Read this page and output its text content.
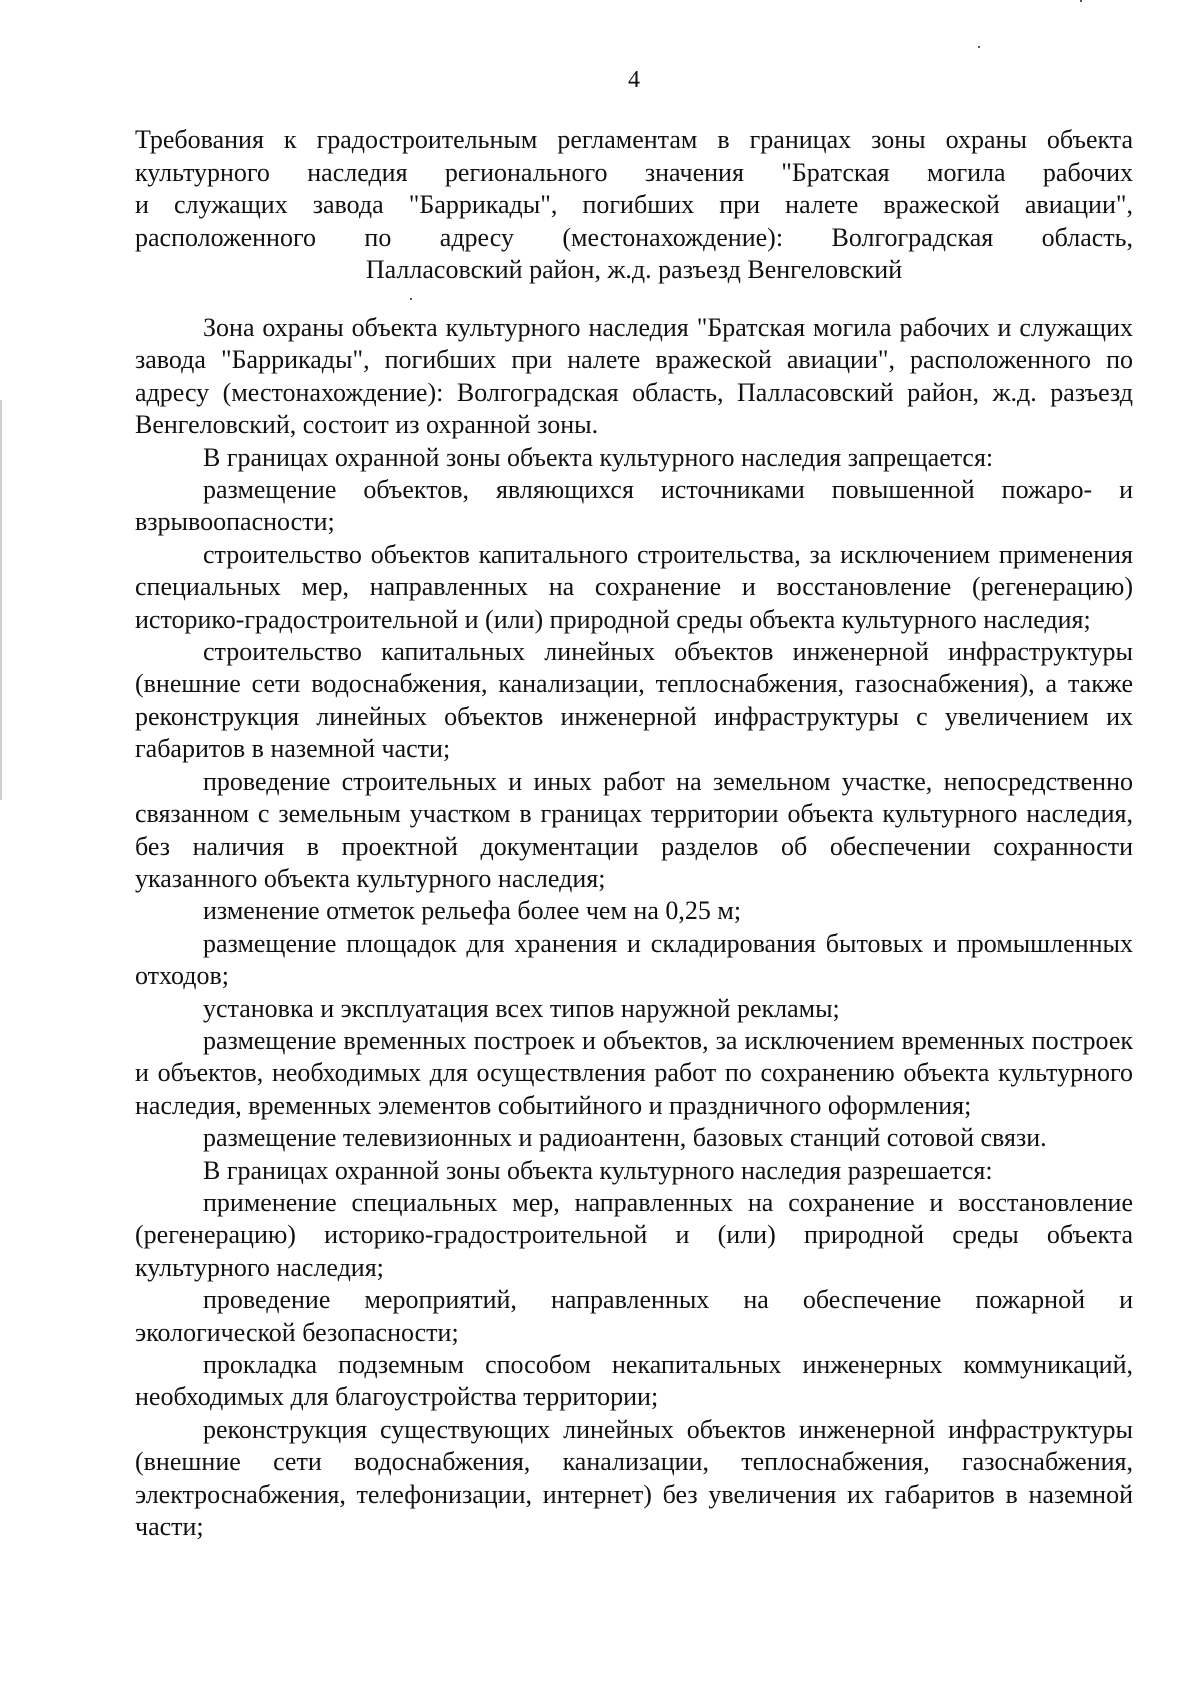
4
Требования к градостроительным регламентам в границах зоны охраны объекта
культурного наследия регионального значения "Братская могила рабочих
и служащих завода "Баррикады", погибших при налете вражеской авиации",
расположенного по адресу (местонахождение): Волгоградская область,
Палласовский район, ж.д. разъезд Венгеловский

Зона охраны объекта культурного наследия "Братская могила рабочих и служащих завода "Баррикады", погибших при налете вражеской авиации", расположенного по адресу (местонахождение): Волгоградская область, Палласовский район, ж.д. разъезд Венгеловский, состоит из охранной зоны.

В границах охранной зоны объекта культурного наследия запрещается:

размещение объектов, являющихся источниками повышенной пожаро- и взрывоопасности;

строительство объектов капитального строительства, за исключением применения специальных мер, направленных на сохранение и восстановление (регенерацию) историко-градостроительной и (или) природной среды объекта культурного наследия;

строительство капитальных линейных объектов инженерной инфраструктуры (внешние сети водоснабжения, канализации, теплоснабжения, газоснабжения), а также реконструкция линейных объектов инженерной инфраструктуры с увеличением их габаритов в наземной части;

проведение строительных и иных работ на земельном участке, непосредственно связанном с земельным участком в границах территории объекта культурного наследия, без наличия в проектной документации разделов об обеспечении сохранности указанного объекта культурного наследия;

изменение отметок рельефа более чем на 0,25 м;

размещение площадок для хранения и складирования бытовых и промышленных отходов;

установка и эксплуатация всех типов наружной рекламы;

размещение временных построек и объектов, за исключением временных построек и объектов, необходимых для осуществления работ по сохранению объекта культурного наследия, временных элементов событийного и праздничного оформления;

размещение телевизионных и радиоантенн, базовых станций сотовой связи.

В границах охранной зоны объекта культурного наследия разрешается:

применение специальных мер, направленных на сохранение и восстановление (регенерацию) историко-градостроительной и (или) природной среды объекта культурного наследия;

проведение мероприятий, направленных на обеспечение пожарной и экологической безопасности;

прокладка подземным способом некапитальных инженерных коммуникаций, необходимых для благоустройства территории;

реконструкция существующих линейных объектов инженерной инфраструктуры (внешние сети водоснабжения, канализации, теплоснабжения, газоснабжения, электроснабжения, телефонизации, интернет) без увеличения их габаритов в наземной части;
